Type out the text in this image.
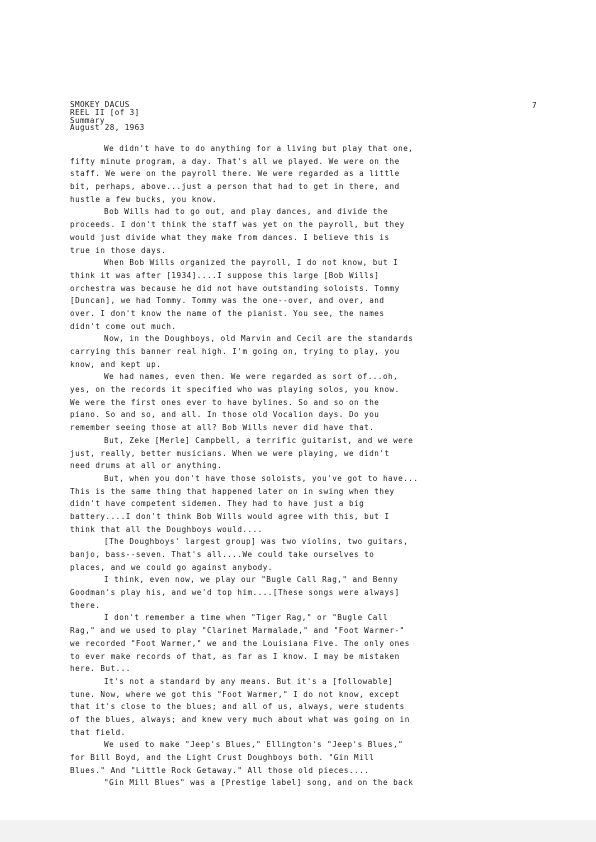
SMOKEY DACUS
REEL II [of 3]
Summary
August 28, 1963
7
We didn't have to do anything for a living but play that one,
fifty minute program, a day. That's all we played. We were on the
staff. We were on the payroll there. We were regarded as a little
bit, perhaps, above...just a person that had to get in there, and
hustle a few bucks, you know.
Bob Wills had to go out, and play dances, and divide the
proceeds. I don't think the staff was yet on the payroll, but they
would just divide what they make from dances. I believe this is
true in those days.
When Bob Wills organized the payroll, I do not know, but I
think it was after [1934]....I suppose this large [Bob Wills]
orchestra was because he did not have outstanding soloists. Tommy
[Duncan], we had Tommy. Tommy was the one--over, and over, and
over. I don't know the name of the pianist. You see, the names
didn't come out much.
Now, in the Doughboys, old Marvin and Cecil are the standards
carrying this banner real high. I'm going on, trying to play, you
know, and kept up.
We had names, even then. We were regarded as sort of...oh,
yes, on the records it specified who was playing solos, you know.
We were the first ones ever to have bylines. So and so on the
piano. So and so, and all. In those old Vocalion days. Do you
remember seeing those at all? Bob Wills never did have that.
But, Zeke [Merle] Campbell, a terrific guitarist, and we were
just, really, better musicians. When we were playing, we didn't
need drums at all or anything.
But, when you don't have those soloists, you've got to have...
This is the same thing that happened later on in swing when they
didn't have competent sidemen. They had to have just a big
battery....I don't think Bob Wills would agree with this, but I
think that all the Doughboys would....
[The Doughboys' largest group] was two violins, two guitars,
banjo, bass--seven. That's all....We could take ourselves to
places, and we could go against anybody.
I think, even now, we play our "Bugle Call Rag," and Benny
Goodman's play his, and we'd top him....[These songs were always]
there.
I don't remember a time when "Tiger Rag," or "Bugle Call
Rag," and we used to play "Clarinet Marmalade," and "Foot Warmer-"
we recorded "Foot Warmer," we and the Louisiana Five. The only ones
to ever make records of that, as far as I know. I may be mistaken
here. But...
It's not a standard by any means. But it's a [followable]
tune. Now, where we got this "Foot Warmer," I do not know, except
that it's close to the blues; and all of us, always, were students
of the blues, always; and knew very much about what was going on in
that field.
We used to make "Jeep's Blues," Ellington's "Jeep's Blues,"
for Bill Boyd, and the Light Crust Doughboys both. "Gin Mill
Blues." And "Little Rock Getaway." All those old pieces....
"Gin Mill Blues" was a [Prestige label] song, and on the back
